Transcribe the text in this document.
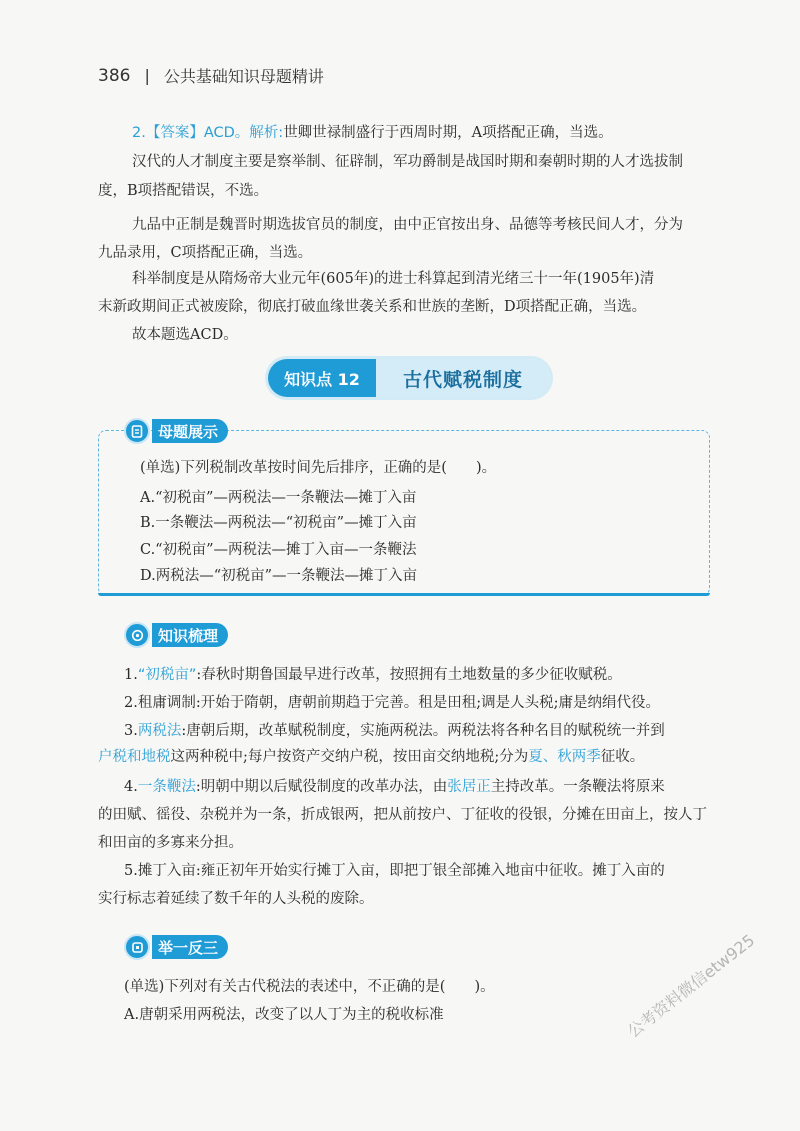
386 | 公共基础知识母题精讲

2.【答案】ACD。解析:世卿世禄制盛行于西周时期，A项搭配正确，当选。

汉代的人才制度主要是察举制、征辟制，军功爵制是战国时期和秦朝时期的人才选拔制

度，B项搭配错误，不选。

九品中正制是魏晋时期选拔官员的制度，由中正官按出身、品德等考核民间人才，分为

九品录用，C项搭配正确，当选。

科举制度是从隋炀帝大业元年(605年)的进士科算起到清光绪三十一年(1905年)清

末新政期间正式被废除，彻底打破血缘世袭关系和世族的垄断，D项搭配正确，当选。

故本题选ACD。

知识点 12	古代赋税制度
母题展示

(单选)下列税制改革按时间先后排序，正确的是(　　)。

A.“初税亩”—两税法—一条鞭法—摊丁入亩

B.一条鞭法—两税法—“初税亩”—摊丁入亩

C.“初税亩”—两税法—摊丁入亩—一条鞭法

D.两税法—“初税亩”—一条鞭法—摊丁入亩

知识梳理

1.“初税亩”:春秋时期鲁国最早进行改革，按照拥有土地数量的多少征收赋税。

2.租庸调制:开始于隋朝，唐朝前期趋于完善。租是田租;调是人头税;庸是纳绢代役。

3.两税法:唐朝后期，改革赋税制度，实施两税法。两税法将各种名目的赋税统一并到

户税和地税这两种税中;每户按资产交纳户税，按田亩交纳地税;分为夏、秋两季征收。

4.一条鞭法:明朝中期以后赋役制度的改革办法，由张居正主持改革。一条鞭法将原来

的田赋、徭役、杂税并为一条，折成银两，把从前按户、丁征收的役银，分摊在田亩上，按人丁

和田亩的多寡来分担。

5.摊丁入亩:雍正初年开始实行摊丁入亩，即把丁银全部摊入地亩中征收。摊丁入亩的

实行标志着延续了数千年的人头税的废除。

举一反三

(单选)下列对有关古代税法的表述中，不正确的是(　　)。

A.唐朝采用两税法，改变了以人丁为主的税收标准	公考资料微信etw925
